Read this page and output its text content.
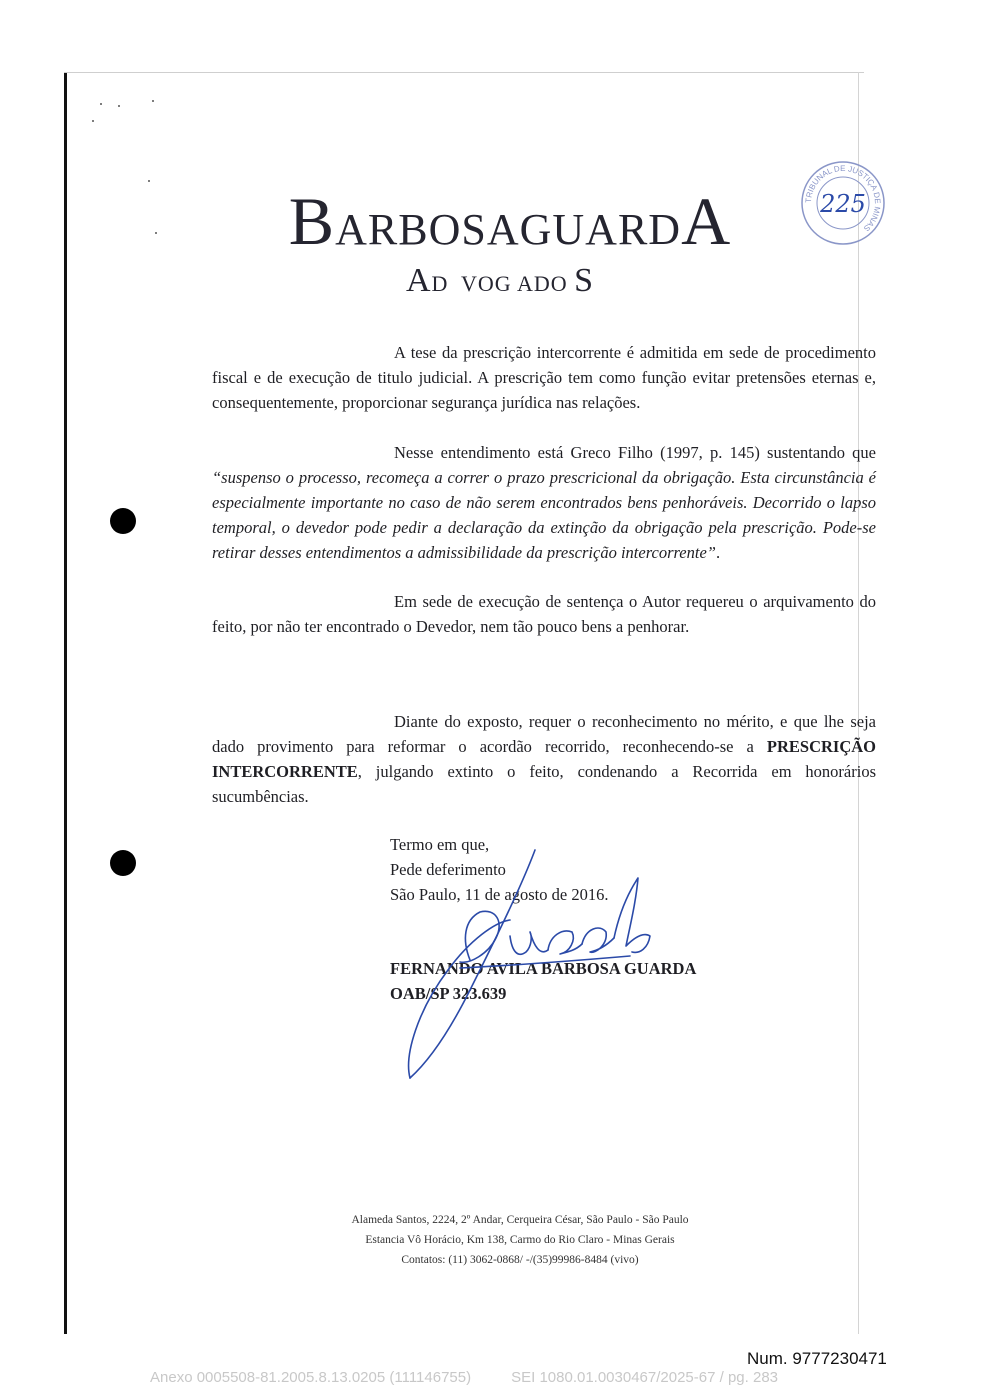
BARBOSAGUARDA
AD  VOG ADO S
TRIBUNAL DE JUSTIÇA DE MINAS
225

A tese da prescrição intercorrente é admitida em sede de procedimento fiscal e de execução de titulo judicial. A prescrição tem como função evitar pretensões eternas e, consequentemente, proporcionar segurança jurídica nas relações.

Nesse entendimento está Greco Filho (1997, p. 145) sustentando que “suspenso o processo, recomeça a correr o prazo prescricional da obrigação. Esta circunstância é especialmente importante no caso de não serem encontrados bens penhoráveis. Decorrido o lapso temporal, o devedor pode pedir a declaração da extinção da obrigação pela prescrição. Pode-se retirar desses entendimentos a admissibilidade da prescrição intercorrente”.

Em sede de execução de sentença o Autor requereu o arquivamento do feito, por não ter encontrado o Devedor, nem tão pouco bens a penhorar.

Diante do exposto, requer o reconhecimento no mérito, e que lhe seja dado provimento para reformar o acordão recorrido, reconhecendo-se a PRESCRIÇÃO INTERCORRENTE, julgando extinto o feito, condenando a Recorrida em honorários sucumbências.

Termo em que,
Pede deferimento
São Paulo, 11 de agosto de 2016.
FERNANDO AVILA BARBOSA GUARDA
OAB/SP 323.639
Alameda Santos, 2224, 2º Andar, Cerqueira César, São Paulo - São Paulo
Estancia Vô Horácio, Km 138, Carmo do Rio Claro - Minas Gerais
Contatos: (11) 3062-0868/ -/(35)99986-8484 (vivo)
Num. 9777230471
Anexo 0005508-81.2005.8.13.0205 (111146755)	SEI 1080.01.0030467/2025-67 / pg. 283
